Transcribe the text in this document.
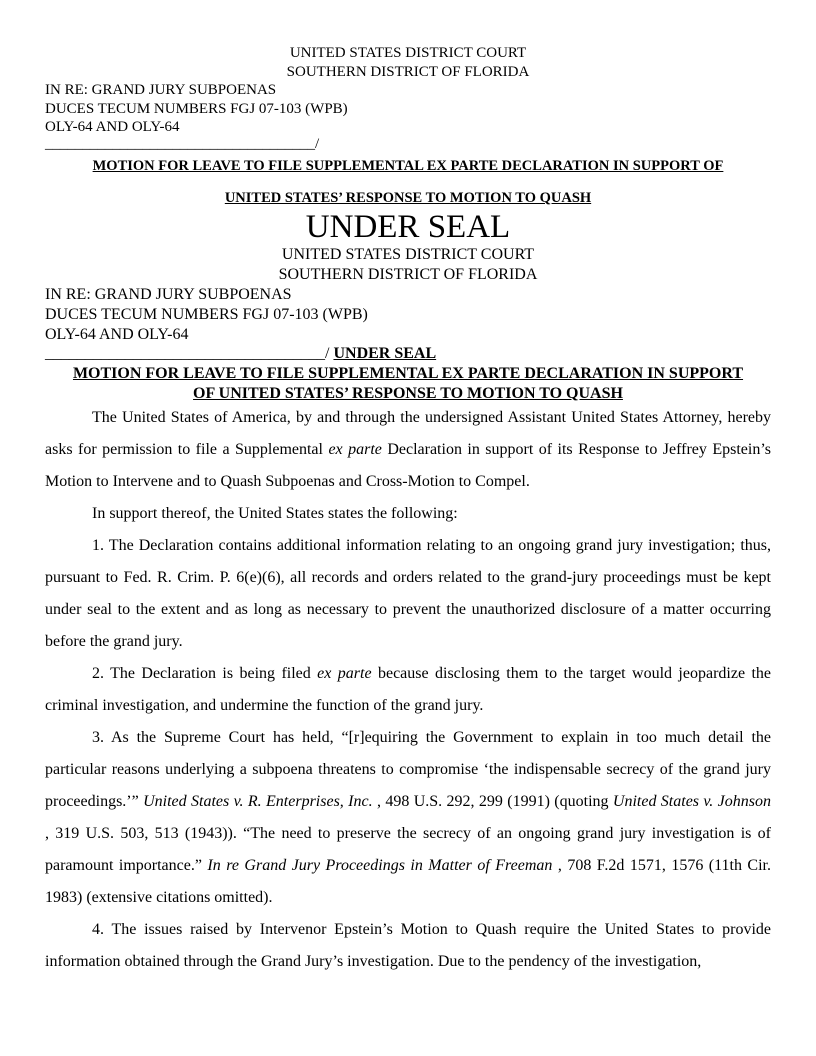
UNITED STATES DISTRICT COURT
SOUTHERN DISTRICT OF FLORIDA
IN RE: GRAND JURY SUBPOENAS
DUCES TECUM NUMBERS FGJ 07-103 (WPB)
OLY-64 AND OLY-64
____________________________________/
MOTION FOR LEAVE TO FILE SUPPLEMENTAL EX PARTE DECLARATION IN SUPPORT OF
UNITED STATES’ RESPONSE TO MOTION TO QUASH
UNDER SEAL
UNITED STATES DISTRICT COURT
SOUTHERN DISTRICT OF FLORIDA
IN RE: GRAND JURY SUBPOENAS
DUCES TECUM NUMBERS FGJ 07-103 (WPB)
OLY-64 AND OLY-64
___________________________________/ UNDER SEAL
MOTION FOR LEAVE TO FILE SUPPLEMENTAL EX PARTE DECLARATION IN SUPPORT
OF UNITED STATES’ RESPONSE TO MOTION TO QUASH

The United States of America, by and through the undersigned Assistant United States Attorney, hereby asks for permission to file a Supplemental ex parte Declaration in support of its Response to Jeffrey Epstein’s Motion to Intervene and to Quash Subpoenas and Cross-Motion to Compel.

In support thereof, the United States states the following:

1. The Declaration contains additional information relating to an ongoing grand jury investigation; thus, pursuant to Fed. R. Crim. P. 6(e)(6), all records and orders related to the grand-jury proceedings must be kept under seal to the extent and as long as necessary to prevent the unauthorized disclosure of a matter occurring before the grand jury.

2. The Declaration is being filed ex parte because disclosing them to the target would jeopardize the criminal investigation, and undermine the function of the grand jury.

3. As the Supreme Court has held, “[r]equiring the Government to explain in too much detail the particular reasons underlying a subpoena threatens to compromise ‘the indispensable secrecy of the grand jury proceedings.’” United States v. R. Enterprises, Inc. , 498 U.S. 292, 299 (1991) (quoting United States v. Johnson , 319 U.S. 503, 513 (1943)). “The need to preserve the secrecy of an ongoing grand jury investigation is of paramount importance.” In re Grand Jury Proceedings in Matter of Freeman , 708 F.2d 1571, 1576 (11th Cir. 1983) (extensive citations omitted).

4. The issues raised by Intervenor Epstein’s Motion to Quash require the United States to provide information obtained through the Grand Jury’s investigation. Due to the pendency of the investigation,
